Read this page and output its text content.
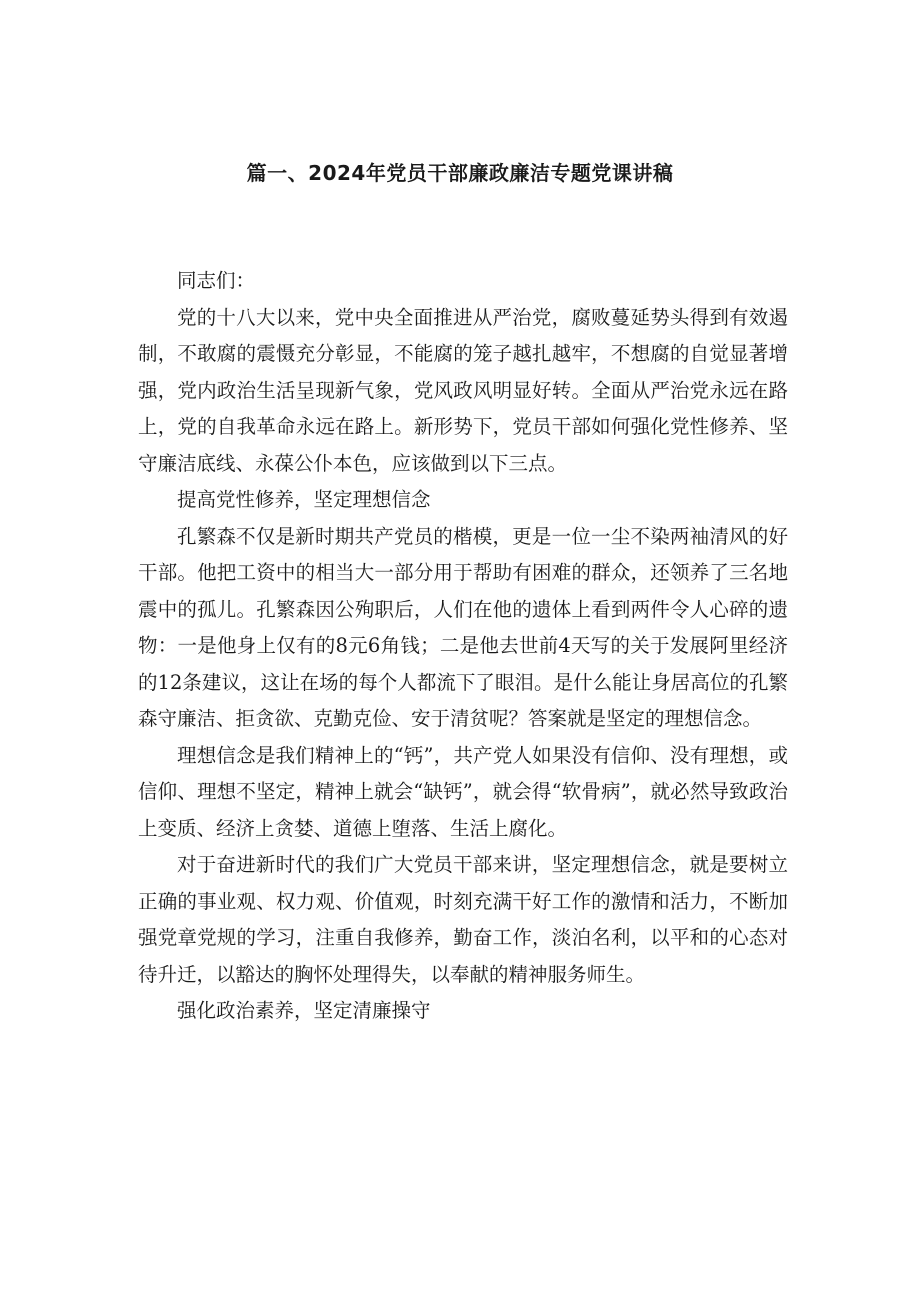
篇一、2024年党员干部廉政廉洁专题党课讲稿

同志们：

党的十八大以来，党中央全面推进从严治党，腐败蔓延势头得到有效遏制，不敢腐的震慑充分彰显，不能腐的笼子越扎越牢，不想腐的自觉显著增强，党内政治生活呈现新气象，党风政风明显好转。全面从严治党永远在路上，党的自我革命永远在路上。新形势下，党员干部如何强化党性修养、坚守廉洁底线、永葆公仆本色，应该做到以下三点。

提高党性修养，坚定理想信念

孔繁森不仅是新时期共产党员的楷模，更是一位一尘不染两袖清风的好干部。他把工资中的相当大一部分用于帮助有困难的群众，还领养了三名地震中的孤儿。孔繁森因公殉职后，人们在他的遗体上看到两件令人心碎的遗物：一是他身上仅有的8元6角钱；二是他去世前4天写的关于发展阿里经济的12条建议，这让在场的每个人都流下了眼泪。是什么能让身居高位的孔繁森守廉洁、拒贪欲、克勤克俭、安于清贫呢？答案就是坚定的理想信念。

理想信念是我们精神上的“钙”，共产党人如果没有信仰、没有理想，或信仰、理想不坚定，精神上就会“缺钙”，就会得“软骨病”，就必然导致政治上变质、经济上贪婪、道德上堕落、生活上腐化。

对于奋进新时代的我们广大党员干部来讲，坚定理想信念，就是要树立正确的事业观、权力观、价值观，时刻充满干好工作的激情和活力，不断加强党章党规的学习，注重自我修养，勤奋工作，淡泊名利，以平和的心态对待升迁，以豁达的胸怀处理得失，以奉献的精神服务师生。

强化政治素养，坚定清廉操守
